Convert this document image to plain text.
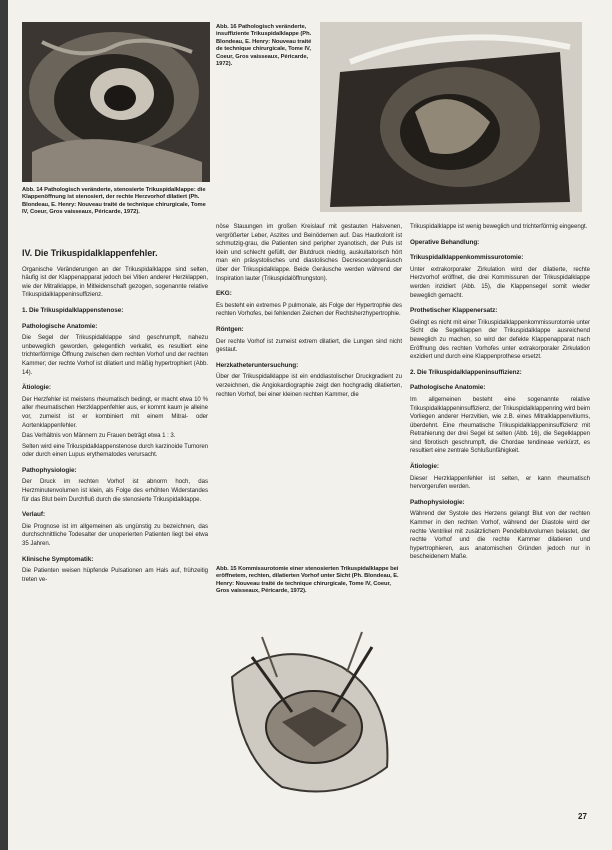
Abb. 14 Pathologisch veränderte, stenosierte Trikuspidalklappe: die Klappenöffnung ist stenosiert, der rechte Herzvorhof dilatiert (Ph. Blondeau, E. Henry: Nouveau traité de technique chirurgicale, Tome IV, Coeur, Gros vaisseaux, Péricarde, 1972).
Abb. 16 Pathologisch veränderte, insuffiziente Trikuspidalklappe (Ph. Blondeau, E. Henry: Nouveau traité de technique chirurgicale, Tome IV, Coeur, Gros vaisseaux, Péricarde, 1972).
IV. Die Trikuspidalklappenfehler.

Organische Veränderungen an der Trikuspidalklappe sind selten, häufig ist der Klappenapparat jedoch bei Vitien anderer Herzklappen, wie der Mitralklappe, in Mitleidenschaft gezogen, sogenannte relative Trikuspidalklappeninsuffizienz.

1. Die Trikuspidalklappenstenose:
Pathologische Anatomie:

Die Segel der Trikuspidalklappe sind geschrumpft, nahezu unbeweglich geworden, gelegentlich verkalkt, es resultiert eine trichterförmige Öffnung zwischen dem rechten Vorhof und der rechten Kammer; der rechte Vorhof ist dilatiert und mäßig hypertrophiert (Abb. 14).

Ätiologie:

Der Herzfehler ist meistens rheumatisch bedingt, er macht etwa 10 % aller rheumatischen Herzklappenfehler aus, er kommt kaum je alleine vor, zumeist ist er kombiniert mit einem Mitral- oder Aortenklappenfehler.

Das Verhältnis von Männern zu Frauen beträgt etwa 1 : 3.

Selten wird eine Trikuspidalklappenstenose durch karzinoide Tumoren oder durch einen Lupus erythematodes verursacht.

Pathophysiologie:

Der Druck im rechten Vorhof ist abnorm hoch, das Herzminutenvolumen ist klein, als Folge des erhöhten Widerstandes für das Blut beim Durchfluß durch die stenosierte Trikuspidalklappe.

Verlauf:

Die Prognose ist im allgemeinen als ungünstig zu bezeichnen, das durchschnittliche Todesalter der unoperierten Patienten liegt bei etwa 35 Jahren.

Klinische Symptomatik:

Die Patienten weisen hüpfende Pulsationen am Hals auf, frühzeitig treten ve-

nöse Stauungen im großen Kreislauf mit gestauten Halsvenen, vergrößerter Leber, Aszites und Beinödemen auf. Das Hautkolorit ist schmutzig-grau, die Patienten sind peripher zyanotisch, der Puls ist klein und schlecht gefüllt, der Blutdruck niedrig, auskultatorisch hört man ein präsystolisches und diastolisches Decrescendogeräusch über der Trikuspidalklappe. Beide Geräusche werden während der Inspiration lauter (Trikuspidalöffnungston).

EKG:

Es besteht ein extremes P pulmonale, als Folge der Hypertrophie des rechten Vorhofes, bei fehlenden Zeichen der Rechtsherzhypertrophie.

Röntgen:

Der rechte Vorhof ist zumeist extrem dilatiert, die Lungen sind nicht gestaut.

Herzkatheteruntersuchung:

Über der Trikuspidalklappe ist ein enddiastolischer Druckgradient zu verzeichnen, die Angiokardiographie zeigt den hochgradig dilatierten, rechten Vorhof, bei einer kleinen rechten Kammer, die

Abb. 15 Kommissurotomie einer stenosierten Trikuspidalklappe bei eröffnetem, rechten, dilatierten Vorhof unter Sicht (Ph. Blondeau, E. Henry: Nouveau traité de technique chirurgicale, Tome IV, Coeur, Gros vaisseaux, Péricarde, 1972).

Trikuspidalklappe ist wenig beweglich und trichterförmig eingeengt.

Operative Behandlung:
Trikuspidalklappenkommissurotomie:

Unter extrakorporaler Zirkulation wird der dilatierte, rechte Herzvorhof eröffnet, die drei Kommissuren der Trikuspidalklappe werden inzidiert (Abb. 15), die Klappensegel somit wieder beweglich gemacht.

Prothetischer Klappenersatz:

Gelingt es nicht mit einer Trikuspidalklappenkommissurotomie unter Sicht die Segelklappen der Trikuspidalklappe ausreichend beweglich zu machen, so wird der defekte Klappenapparat nach Eröffnung des rechten Vorhofes unter extrakorporaler Zirkulation exzidiert und durch eine Klappenprothese ersetzt.

2. Die Trikuspidalklappeninsuffizienz:
Pathologische Anatomie:

Im allgemeinen besteht eine sogenannte relative Trikuspidalklappeninsuffizienz, der Trikuspidalklappenring wird beim Vorliegen anderer Herzvitien, wie z.B. eines Mitralklappenvitiums, überdehnt. Eine rheumatische Trikuspidalklappeninsuffizienz mit Retrahierung der drei Segel ist selten (Abb. 16), die Segelklappen sind fibrotisch geschrumpft, die Chordae tendineae verkürzt, es resultiert eine zentrale Schlußunfähigkeit.

Ätiologie:

Dieser Herzklappenfehler ist selten, er kann rheumatisch hervorgerufen werden.

Pathophysiologie:

Während der Systole des Herzens gelangt Blut von der rechten Kammer in den rechten Vorhof, während der Diastole wird der rechte Ventrikel mit zusätzlichem Pendelblutvolumen belastet, der rechte Vorhof und die rechte Kammer dilatieren und hypertrophieren, aus anatomischen Gründen jedoch nur in bescheidenem Maße.

27
